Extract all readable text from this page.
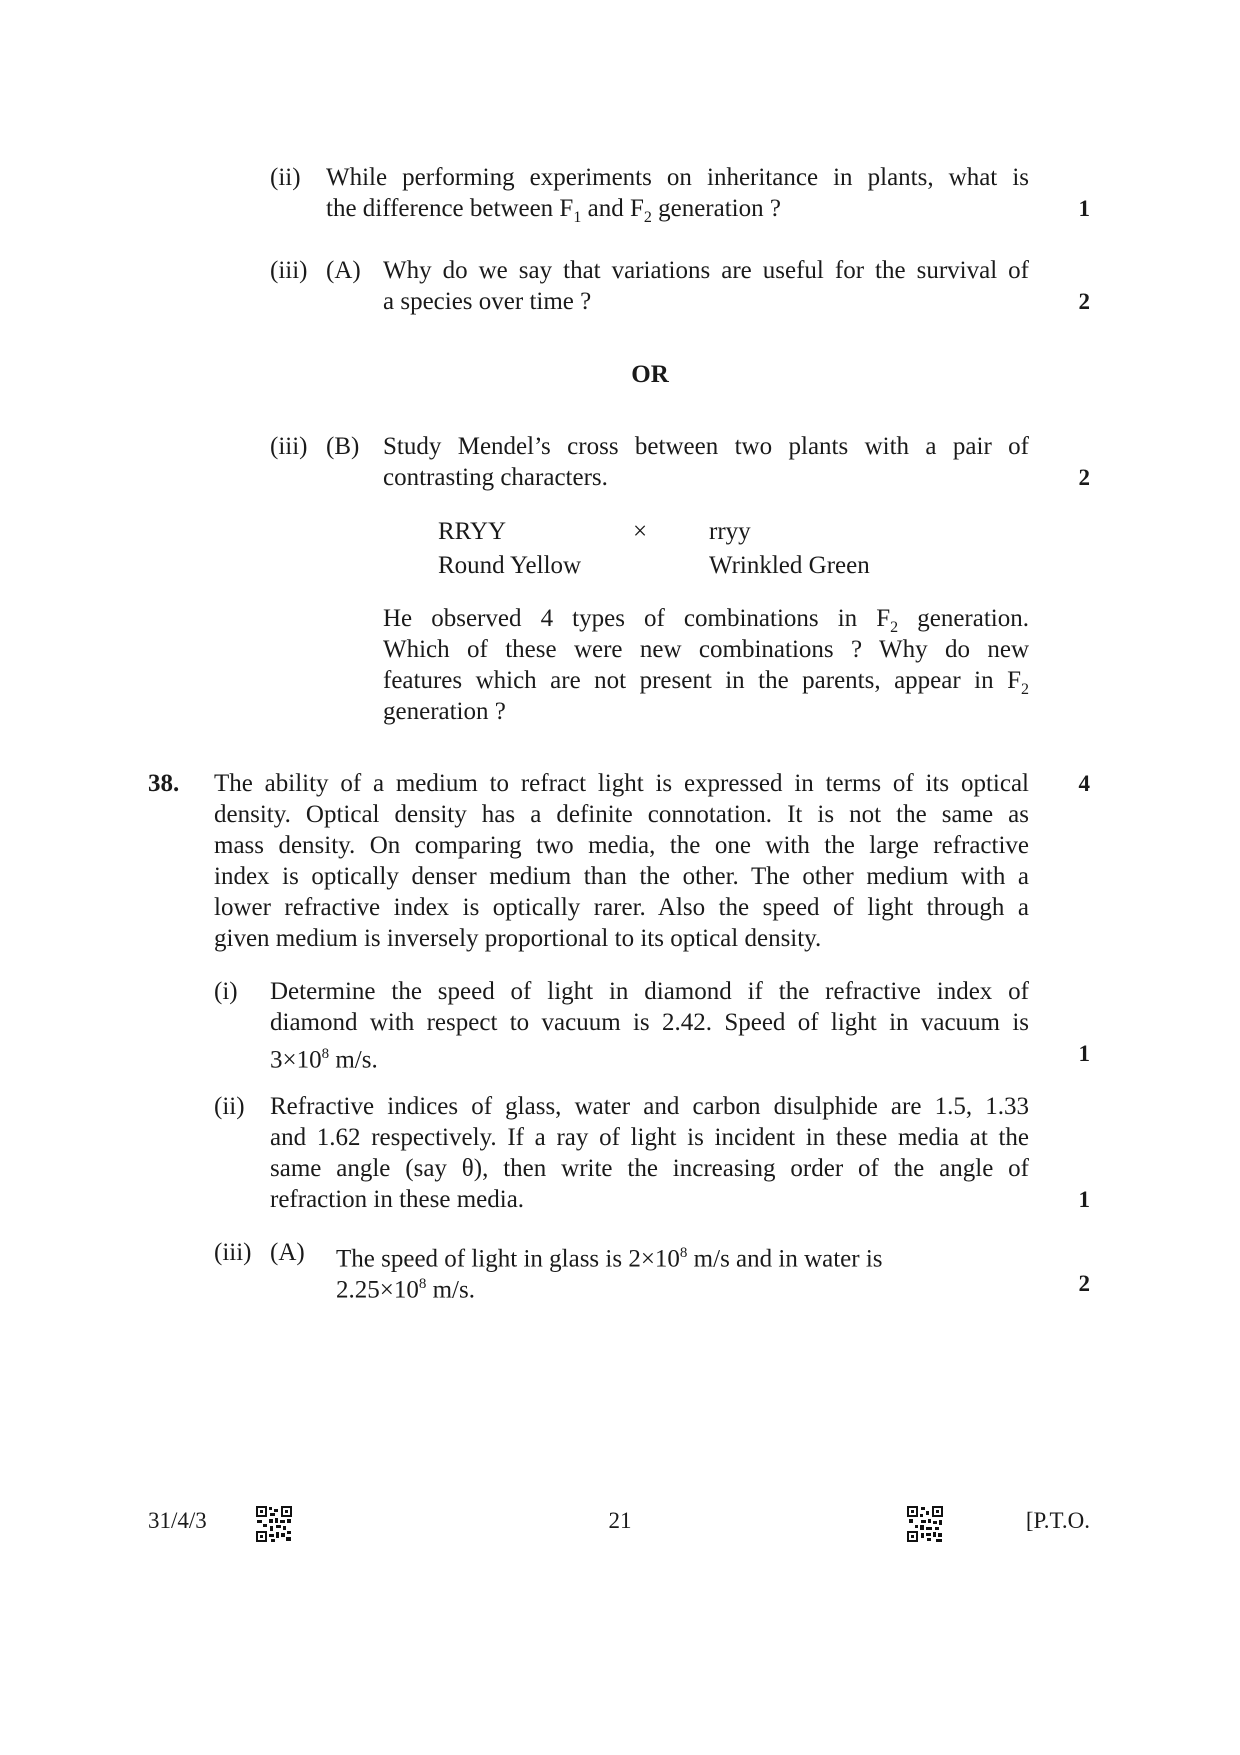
(ii) While performing experiments on inheritance in plants, what is
the difference between $F_1$ and $F_2$ generation ?	1
(iii) (A) Why do we say that variations are useful for the survival of
a species over time ?	2
OR
(iii) (B) Study Mendel’s cross between two plants with a pair of
contrasting characters.	2
RRYY	× rryy
Round Yellow	Wrinkled Green
He observed 4 types of combinations in $F_2$ generation.
Which of these were new combinations ? Why do new
features which are not present in the parents, appear in $F_2$
generation ?
38.	4
The ability of a medium to refract light is expressed in terms of its optical
density. Optical density has a definite connotation. It is not the same as
mass density. On comparing two media, the one with the large refractive
index is optically denser medium than the other. The other medium with a
lower refractive index is optically rarer. Also the speed of light through a
given medium is inversely proportional to its optical density.
(i) Determine the speed of light in diamond if the refractive index of
diamond with respect to vacuum is 2.42. Speed of light in vacuum is
$3\times 10^8$ m/s.	1
(ii) Refractive indices of glass, water and carbon disulphide are 1.5, 1.33
and 1.62 respectively. If a ray of light is incident in these media at the
same angle (say θ), then write the increasing order of the angle of
refraction in these media.	1
(iii) (A) The speed of light in glass is $2\times 10^8$ m/s and in water is
$2.25\times 10^8$ m/s.	2
31/4/3	21	[P.T.O.
